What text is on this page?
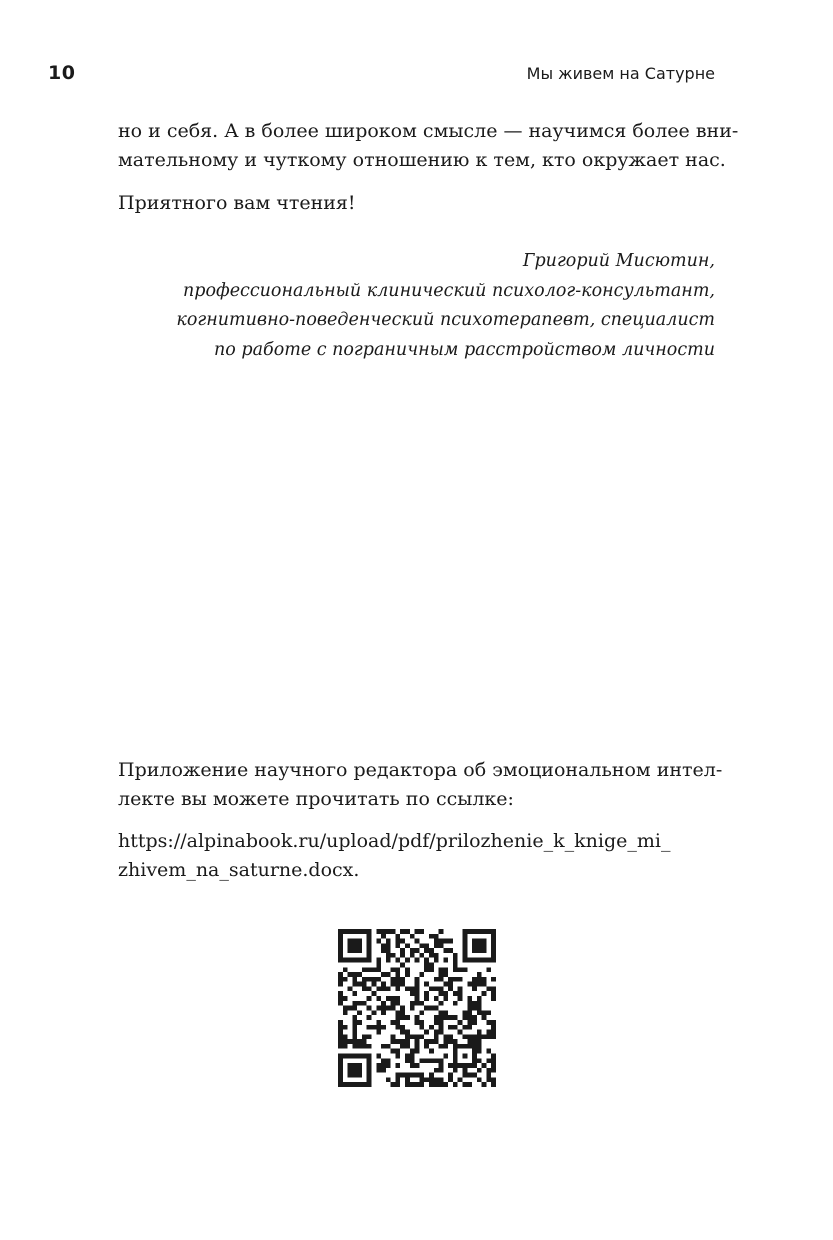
10	Мы живем на Сатурне

но и себя. А в более широком смысле — научимся более вни-

мательному и чуткому отношению к тем, кто окружает нас.

Приятного вам чтения!

Григорий Мисютин,
профессиональный клинический психолог-консультант,
когнитивно-поведенческий психотерапевт, специалист
по работе с пограничным расстройством личности

Приложение научного редактора об эмоциональном интел-

лекте вы можете прочитать по ссылке:

https://alpinabook.ru/upload/pdf/prilozhenie_k_knige_mi_

zhivem_na_saturne.docx.
